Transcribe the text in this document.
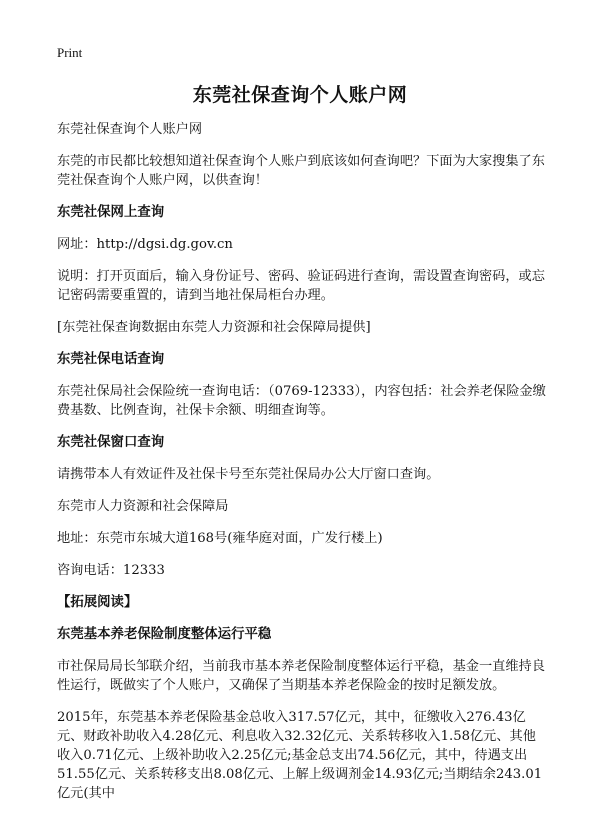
Print
东莞社保查询个人账户网

东莞社保查询个人账户网

东莞的市民都比较想知道社保查询个人账户到底该如何查询吧？下面为大家搜集了东莞社保查询个人账户网，以供查询！

东莞社保网上查询

网址：http://dgsi.dg.gov.cn

说明：打开页面后，输入身份证号、密码、验证码进行查询，需设置查询密码，或忘记密码需要重置的，请到当地社保局柜台办理。

[东莞社保查询数据由东莞人力资源和社会保障局提供]

东莞社保电话查询

东莞社保局社会保险统一查询电话：（0769-12333），内容包括：社会养老保险金缴费基数、比例查询，社保卡余额、明细查询等。

东莞社保窗口查询

请携带本人有效证件及社保卡号至东莞社保局办公大厅窗口查询。

东莞市人力资源和社会保障局

地址：东莞市东城大道168号(雍华庭对面，广发行楼上)

咨询电话：12333

【拓展阅读】
东莞基本养老保险制度整体运行平稳

市社保局局长邹联介绍，当前我市基本养老保险制度整体运行平稳，基金一直维持良性运行，既做实了个人账户，又确保了当期基本养老保险金的按时足额发放。

2015年，东莞基本养老保险基金总收入317.57亿元，其中，征缴收入276.43亿元、财政补助收入4.28亿元、利息收入32.32亿元、关系转移收入1.58亿元、其他收入0.71亿元、上级补助收入2.25亿元;基金总支出74.56亿元，其中，待遇支出51.55亿元、关系转移支出8.08亿元、上解上级调剂金14.93亿元;当期结余243.01亿元(其中
